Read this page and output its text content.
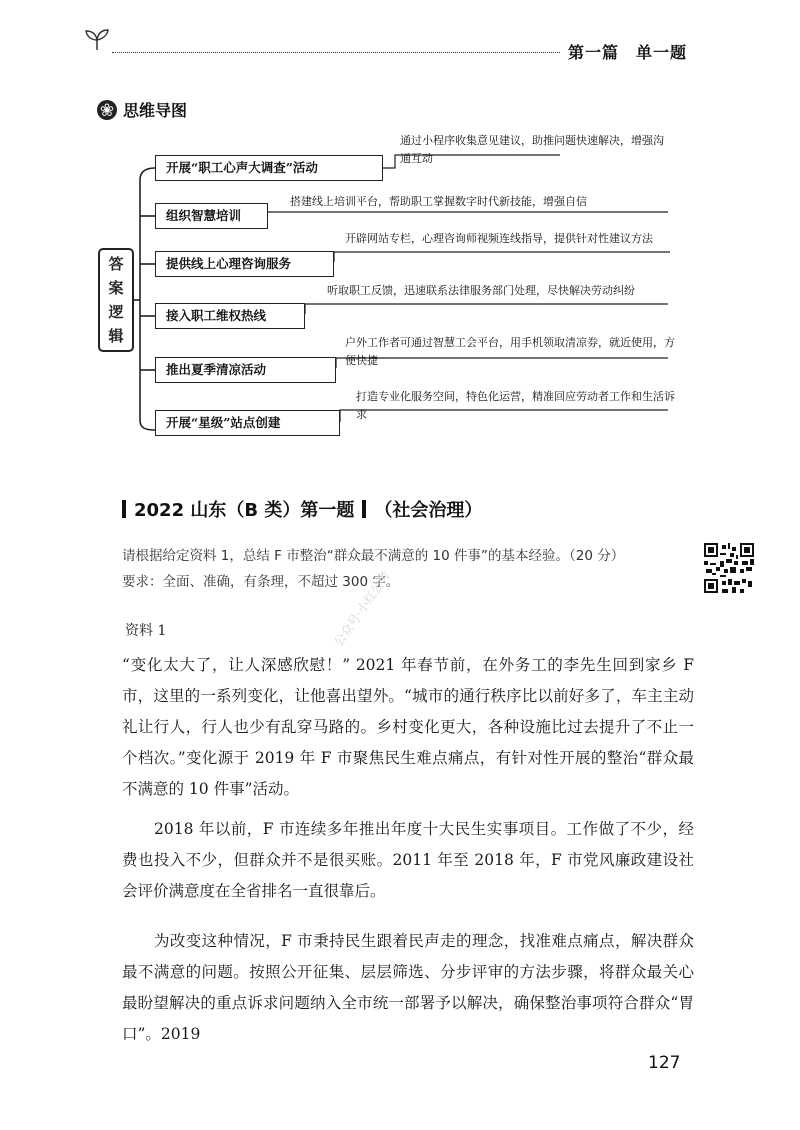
第一篇　单一题
思维导图
答
案
逻
辑
开展“职工心声大调查”活动
通过小程序收集意见建议，助推问题快速解决，增强沟通互动
组织智慧培训
搭建线上培训平台，帮助职工掌握数字时代新技能，增强自信
提供线上心理咨询服务
开辟网站专栏，心理咨询师视频连线指导，提供针对性建议方法
接入职工维权热线
听取职工反馈，迅速联系法律服务部门处理，尽快解决劳动纠纷
推出夏季清凉活动
户外工作者可通过智慧工会平台，用手机领取清凉券，就近使用，方便快捷
开展“星级”站点创建
打造专业化服务空间，特色化运营，精准回应劳动者工作和生活诉求
2022 山东（B 类）第一题 （社会治理）
请根据给定资料 1，总结 F 市整治“群众最不满意的 10 件事”的基本经验。（20 分）
要求：全面、准确，有条理，不超过 300 字。
资料 1	公众号·小红公考
“变化太大了，让人深感欣慰！” 2021 年春节前，在外务工的李先生回到家乡 F 市，这里的一系列变化，让他喜出望外。“城市的通行秩序比以前好多了，车主主动礼让行人，行人也少有乱穿马路的。乡村变化更大，各种设施比过去提升了不止一个档次。”变化源于 2019 年 F 市聚焦民生难点痛点，有针对性开展的整治“群众最不满意的 10 件事”活动。
2018 年以前，F 市连续多年推出年度十大民生实事项目。工作做了不少，经费也投入不少，但群众并不是很买账。2011 年至 2018 年，F 市党风廉政建设社会评价满意度在全省排名一直很靠后。
为改变这种情况，F 市秉持民生跟着民声走的理念，找准难点痛点，解决群众最不满意的问题。按照公开征集、层层筛选、分步评审的方法步骤，将群众最关心最盼望解决的重点诉求问题纳入全市统一部署予以解决，确保整治事项符合群众“胃口”。2019
127
